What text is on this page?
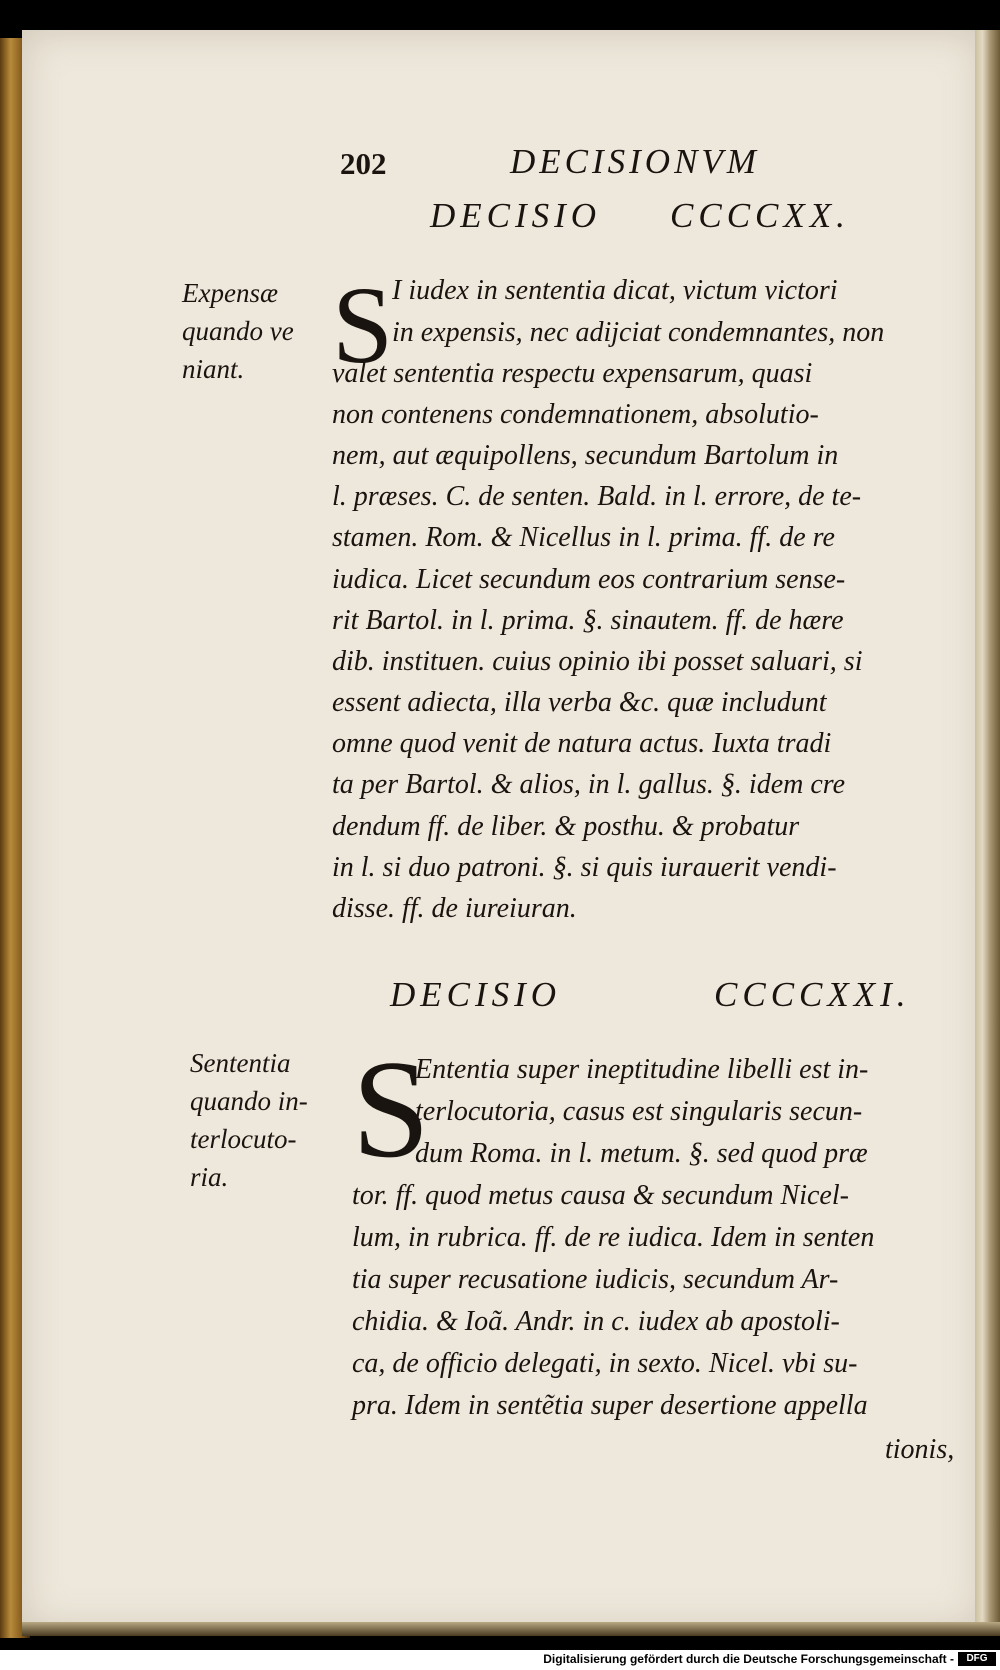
202	DECISIONVM
DECISIO CCCCXX.
Expensæ
quando ve
niant. S
I iudex in sententia dicat, victum victori
in expensis, nec adijciat condemnantes, non
valet sententia respectu expensarum, quasi
non contenens condemnationem, absolutio-
nem, aut æquipollens, secundum Bartolum in
l. præses. C. de senten. Bald. in l. errore, de te-
stamen. Rom. & Nicellus in l. prima. ff. de re
iudica. Licet secundum eos contrarium sense-
rit Bartol. in l. prima. §. sinautem. ff. de hære
dib. instituen. cuius opinio ibi posset saluari, si
essent adiecta, illa verba &c. quæ includunt
omne quod venit de natura actus. Iuxta tradi
ta per Bartol. & alios, in l. gallus. §. idem cre
dendum ff. de liber. & posthu. & probatur
in l. si duo patroni. §. si quis iurauerit vendi-
disse. ff. de iureiuran.
DECISIO	CCCCXXI.
Sententia
quando in-
terlocuto-
ria. S
Ententia super ineptitudine libelli est in-
terlocutoria, casus est singularis secun-
dum Roma. in l. metum. §. sed quod præ
tor. ff. quod metus causa & secundum Nicel-
lum, in rubrica. ff. de re iudica. Idem in senten
tia super recusatione iudicis, secundum Ar-
chidia. & Ioã. Andr. in c. iudex ab apostoli-
ca, de officio delegati, in sexto. Nicel. vbi su-
pra. Idem in sentẽtia super desertione appella
tionis,
Digitalisierung gefördert durch die Deutsche Forschungsgemeinschaft -	DFG
